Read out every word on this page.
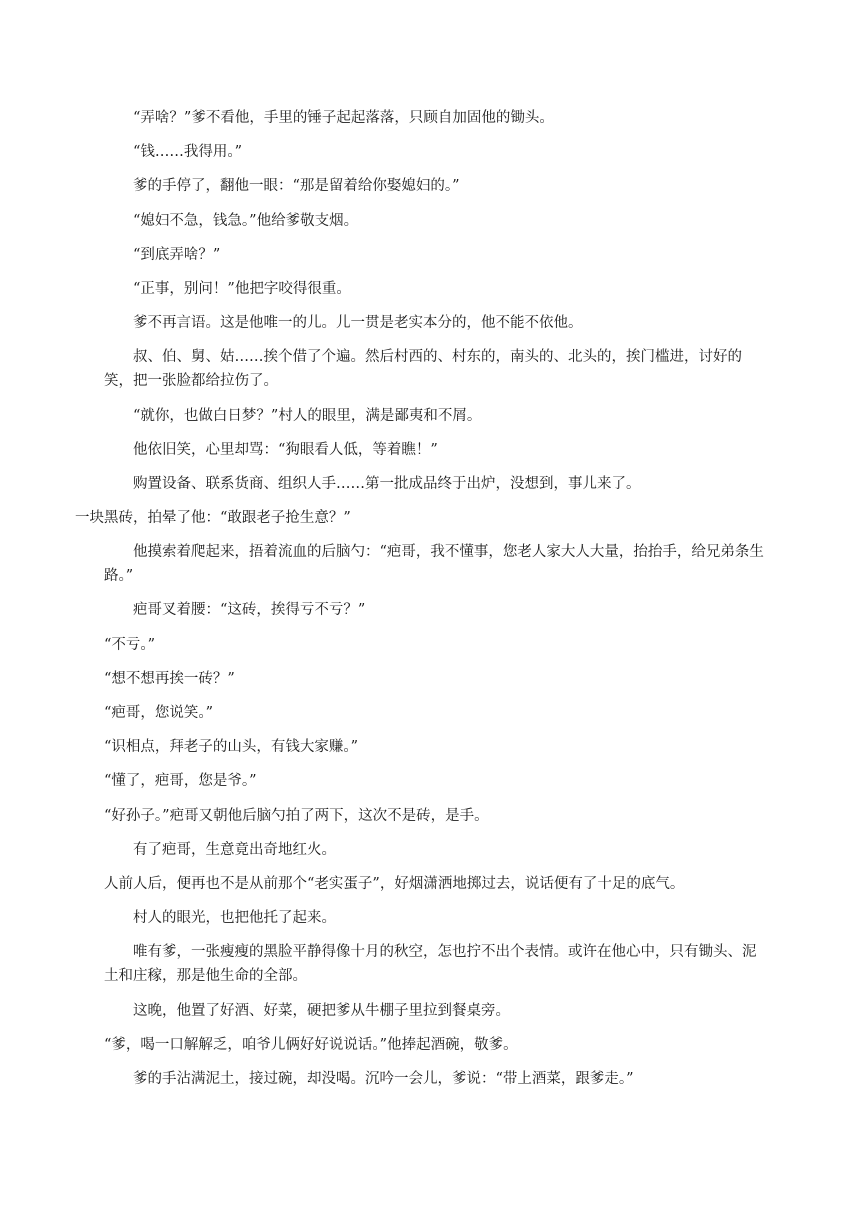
“弄啥？”爹不看他，手里的锤子起起落落，只顾自加固他的锄头。

“钱……我得用。”

爹的手停了，翻他一眼：“那是留着给你娶媳妇的。”

“媳妇不急，钱急。”他给爹敬支烟。

“到底弄啥？”

“正事，别问！”他把字咬得很重。

爹不再言语。这是他唯一的儿。儿一贯是老实本分的，他不能不依他。

叔、伯、舅、姑……挨个借了个遍。然后村西的、村东的，南头的、北头的，挨门槛进，讨好的笑，把一张脸都给拉伤了。

“就你，也做白日梦？”村人的眼里，满是鄙夷和不屑。

他依旧笑，心里却骂：“狗眼看人低，等着瞧！”

购置设备、联系货商、组织人手……第一批成品终于出炉，没想到，事儿来了。

一块黑砖，拍晕了他：“敢跟老子抢生意？”

他摸索着爬起来，捂着流血的后脑勺：“疤哥，我不懂事，您老人家大人大量，抬抬手，给兄弟条生路。”

疤哥叉着腰：“这砖，挨得亏不亏？”

“不亏。”

“想不想再挨一砖？”

“疤哥，您说笑。”

“识相点，拜老子的山头，有钱大家赚。”

“懂了，疤哥，您是爷。”

“好孙子。”疤哥又朝他后脑勺拍了两下，这次不是砖，是手。

有了疤哥，生意竟出奇地红火。

人前人后，便再也不是从前那个“老实蛋子”，好烟潇洒地掷过去，说话便有了十足的底气。

村人的眼光，也把他托了起来。

唯有爹，一张瘦瘦的黑脸平静得像十月的秋空，怎也拧不出个表情。或许在他心中，只有锄头、泥土和庄稼，那是他生命的全部。

这晚，他置了好酒、好菜，硬把爹从牛棚子里拉到餐桌旁。

“爹，喝一口解解乏，咱爷儿俩好好说说话。”他捧起酒碗，敬爹。

爹的手沾满泥土，接过碗，却没喝。沉吟一会儿，爹说：“带上酒菜，跟爹走。”
